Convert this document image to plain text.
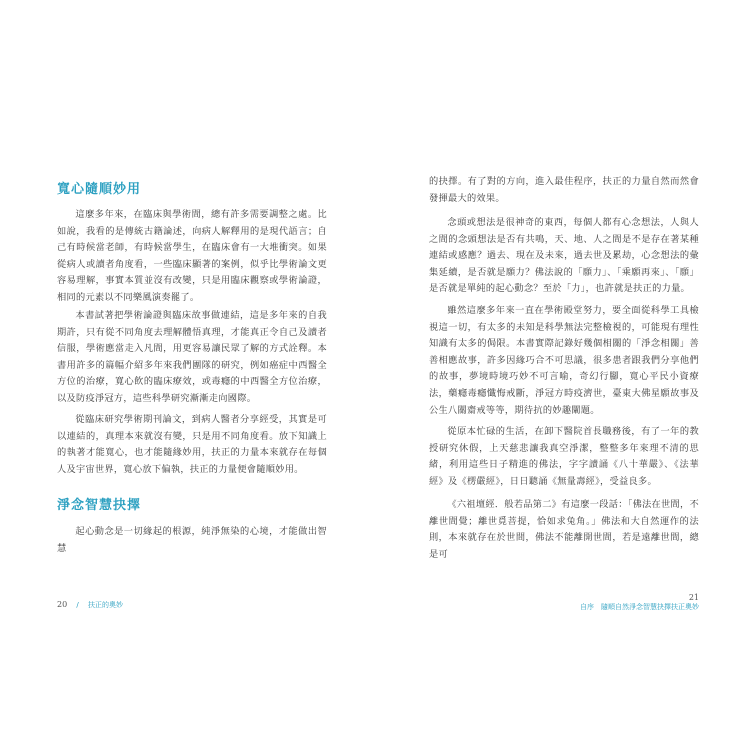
寬心隨順妙用

這麼多年來，在臨床與學術間，總有許多需要調整之處。比如說，我看的是傳統古籍論述，向病人解釋用的是現代語言；自己有時候當老師，有時候當學生，在臨床會有一大堆衝突。如果從病人或讀者角度看，一些臨床顯著的案例，似乎比學術論文更容易理解，事實本質並沒有改變，只是用臨床觀察或學術論證，相同的元素以不同樂風演奏罷了。

本書試著把學術論證與臨床故事做連結，這是多年來的自我期許，只有從不同角度去理解體悟真理，才能真正令自己及讀者信服，學術應當走入凡間，用更容易讓民眾了解的方式詮釋。本書用許多的篇幅介紹多年來我們團隊的研究，例如癌症中西醫全方位的治療，寬心飲的臨床療效，或毒癮的中西醫全方位治療，以及防疫淨冠方，這些科學研究漸漸走向國際。

從臨床研究學術期刊論文，到病人醫者分享經受，其實是可以連結的，真理本來就沒有變，只是用不同角度看。放下知識上的執著才能寬心，也才能隨緣妙用，扶正的力量本來就存在每個人及宇宙世界，寬心放下偏執，扶正的力量便會隨順妙用。

淨念智慧抉擇

起心動念是一切緣起的根源，純淨無染的心境，才能做出智慧

20 　/　 扶正的奧妙

的抉擇。有了對的方向，進入最佳程序，扶正的力量自然而然會發揮最大的效果。

念頭或想法是很神奇的東西，每個人都有心念想法，人與人之間的念頭想法是否有共鳴，天、地、人之間是不是存在著某種連結或感應？過去、現在及未來，過去世及累劫，心念想法的彙集延續，是否就是願力？佛法說的「願力」、「乘願再來」、「願」是否就是單純的起心動念？至於「力」，也許就是扶正的力量。

雖然這麼多年來一直在學術殿堂努力，要全面從科學工具檢視這一切，有太多的未知是科學無法完整檢視的，可能現有理性知識有太多的侷限。本書實際記錄好幾個相關的「淨念相關」善善相應故事，許多因緣巧合不可思議，很多患者跟我們分享他們的故事，夢境時境巧妙不可言喻，奇幻行腳，寬心平民小資療法，藥癮毒癮懺悔戒斷，淨冠方時疫濟世，臺東大佛星願故事及公生八關齋戒等等，期待抗的妙趣闡題。

從原本忙碌的生活，在卸下醫院首長職務後，有了一年的教授研究休假，上天慈悲讓我真空淨潔，整整多年來理不清的思緒，利用這些日子精進的佛法，字字讀誦《八十華嚴》、《法華經》及《楞嚴經》，日日聽誦《無量壽經》，受益良多。

《六祖壇經．般若品第二》有這麼一段話：「佛法在世間，不離世間覺；離世覓菩提，恰如求兔角。」佛法和大自然運作的法則，本來就存在於世間，佛法不能離開世間，若是遠離世間，總是可

21
自序　隨順自然淨念智慧抉擇扶正奧妙
